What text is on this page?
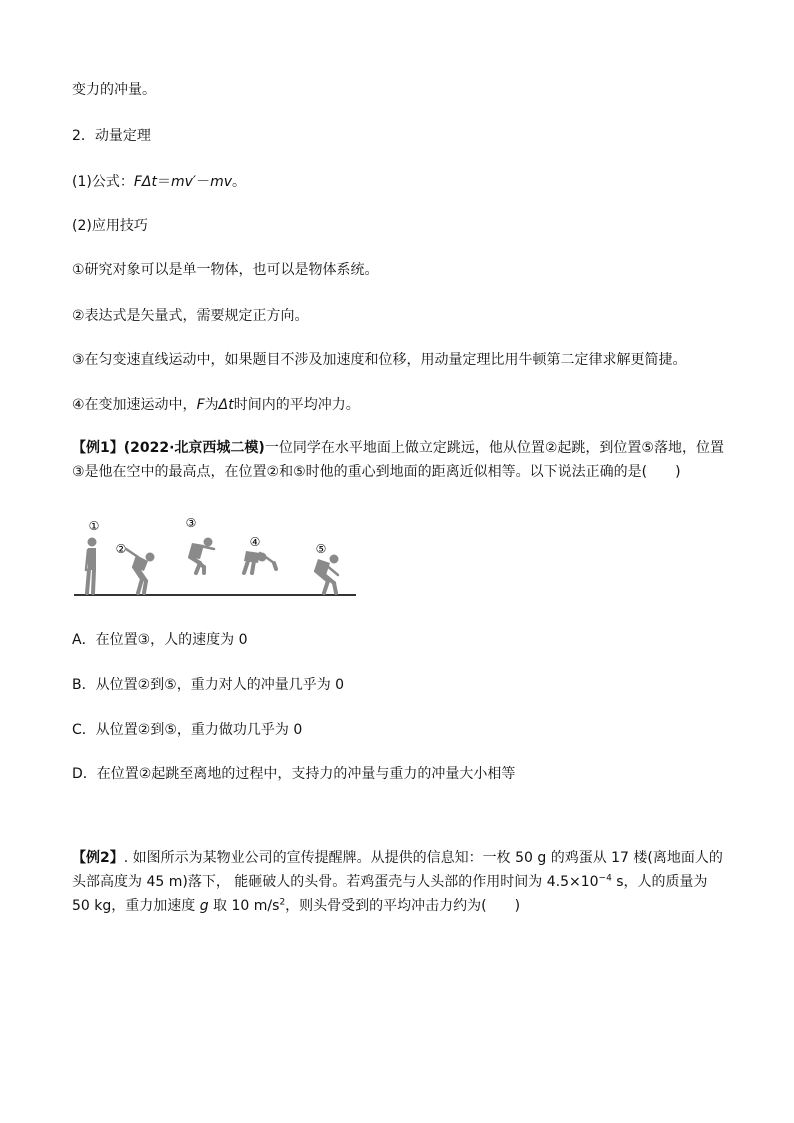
变力的冲量。
2．动量定理
(1)公式：FΔt＝mv′－mv。
(2)应用技巧
①研究对象可以是单一物体，也可以是物体系统。
②表达式是矢量式，需要规定正方向。
③在匀变速直线运动中，如果题目不涉及加速度和位移，用动量定理比用牛顿第二定律求解更简捷。
④在变加速运动中，F为Δt时间内的平均冲力。
【例1】(2022·北京西城二模)一位同学在水平地面上做立定跳远，他从位置②起跳，到位置⑤落地，位置③是他在空中的最高点，在位置②和⑤时他的重心到地面的距离近似相等。以下说法正确的是(　　)
①
②
③
④	⑤
A．在位置③，人的速度为 0
B．从位置②到⑤，重力对人的冲量几乎为 0
C．从位置②到⑤，重力做功几乎为 0
D．在位置②起跳至离地的过程中，支持力的冲量与重力的冲量大小相等
【例2】. 如图所示为某物业公司的宣传提醒牌。从提供的信息知：一枚 50 g 的鸡蛋从 17 楼(离地面人的头部高度为 45 m)落下， 能砸破人的头骨。若鸡蛋壳与人头部的作用时间为 $4.5\times 10^{-4}$ s，人的质量为 50 kg，重力加速度 g 取 10 $m/s^2$，则头骨受到的平均冲击力约为(　　)
